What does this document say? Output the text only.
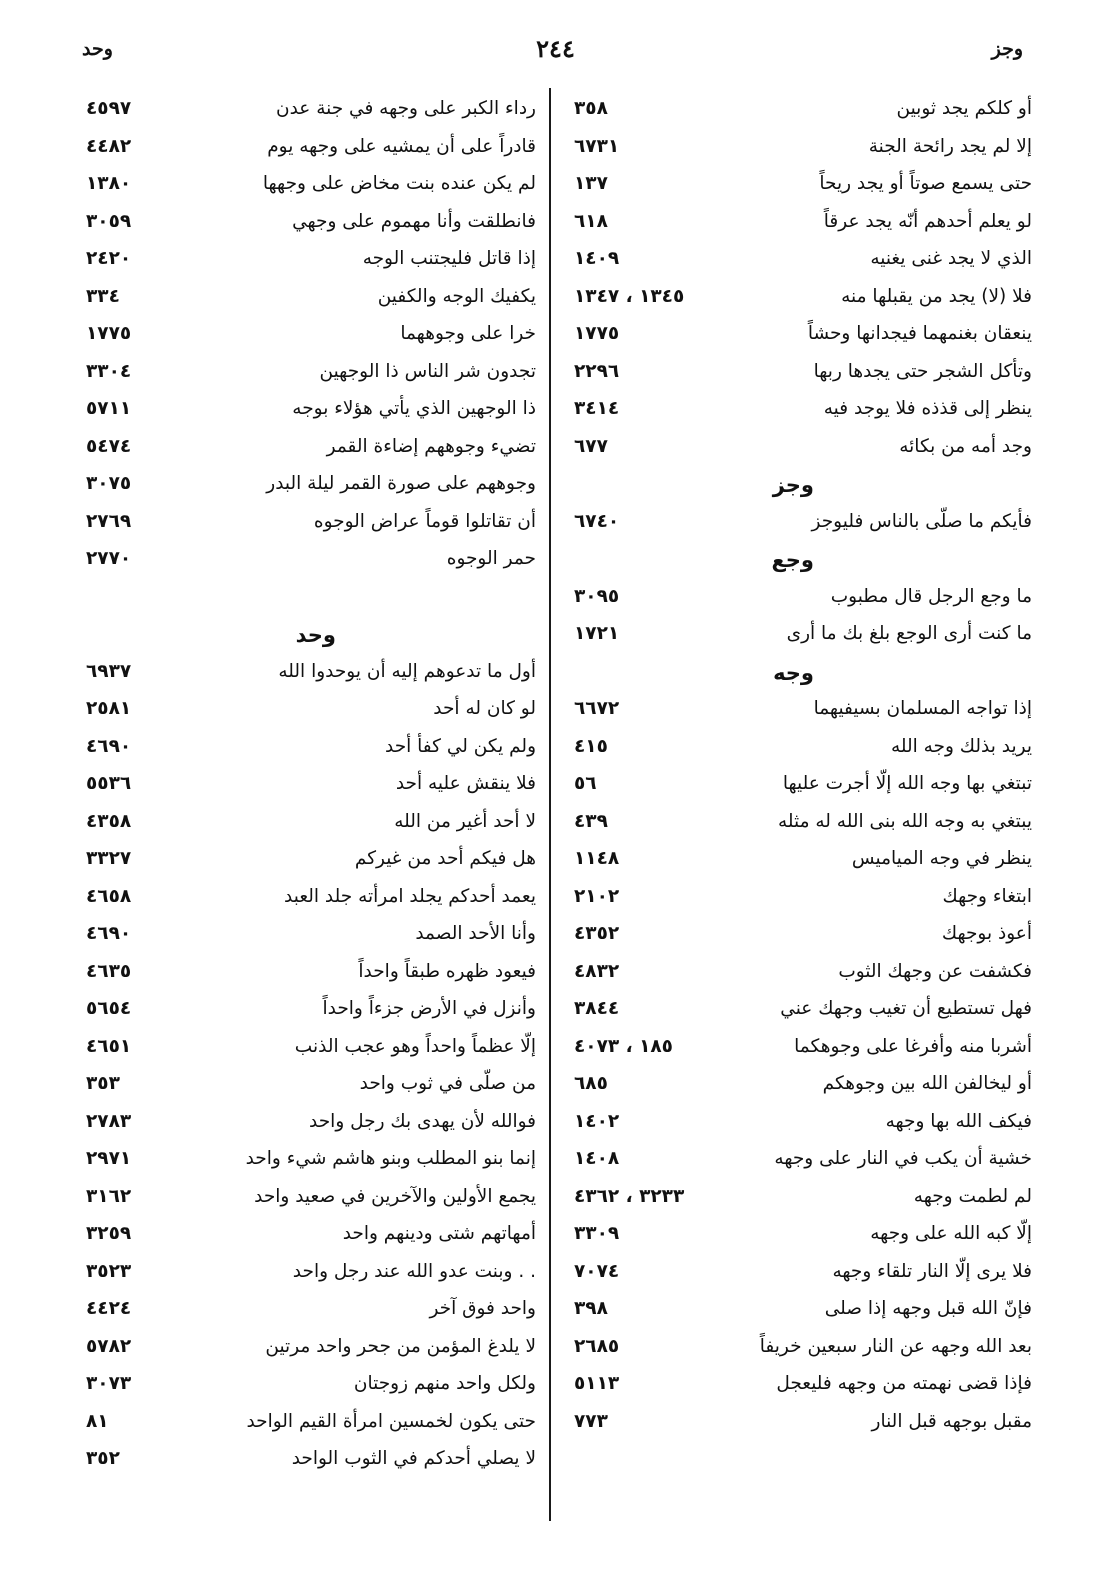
وحد	٢٤٤	وجز
أو كلكم يجد ثوبين
٣٥٨
إلا لم يجد رائحة الجنة
٦٧٣١
حتى يسمع صوتاً أو يجد ريحاً
١٣٧
لو يعلم أحدهم أنّه يجد عرقاً
٦١٨
الذي لا يجد غنى يغنيه
١٤٠٩
فلا (لا) يجد من يقبلها منه
١٣٤٥ ، ١٣٤٧
ينعقان بغنمهما فيجدانها وحشاً
١٧٧٥
وتأكل الشجر حتى يجدها ربها
٢٢٩٦
ينظر إلى قذذه فلا يوجد فيه
٣٤١٤
وجد أمه من بكائه
٦٧٧
وجز
فأيكم ما صلّى بالناس فليوجز
٦٧٤٠
وجع
ما وجع الرجل قال مطبوب
٣٠٩٥
ما كنت أرى الوجع بلغ بك ما أرى
١٧٢١
وجه
إذا تواجه المسلمان بسيفيهما
٦٦٧٢
يريد بذلك وجه الله
٤١٥
تبتغي بها وجه الله إلّا أجرت عليها
٥٦
يبتغي به وجه الله بنى الله له مثله
٤٣٩
ينظر في وجه المياميس
١١٤٨
ابتغاء وجهك
٢١٠٢
أعوذ بوجهك
٤٣٥٢
فكشفت عن وجهك الثوب
٤٨٣٢
فهل تستطيع أن تغيب وجهك عني
٣٨٤٤
أشربا منه وأفرغا على وجوهكما
١٨٥ ، ٤٠٧٣
أو ليخالفن الله بين وجوهكم
٦٨٥
فيكف الله بها وجهه
١٤٠٢
خشية أن يكب في النار على وجهه
١٤٠٨
لم لطمت وجهه
٣٢٣٣ ، ٤٣٦٢
إلّا كبه الله على وجهه
٣٣٠٩
فلا يرى إلّا النار تلقاء وجهه
٧٠٧٤
فإنّ الله قبل وجهه إذا صلى
٣٩٨
بعد الله وجهه عن النار سبعين خريفاً
٢٦٨٥
فإذا قضى نهمته من وجهه فليعجل
٥١١٣
مقبل بوجهه قبل النار
٧٧٣
رداء الكبر على وجهه في جنة عدن
٤٥٩٧
قادراً على أن يمشيه على وجهه يوم
٤٤٨٢
لم يكن عنده بنت مخاض على وجهها
١٣٨٠
فانطلقت وأنا مهموم على وجهي
٣٠٥٩
إذا قاتل فليجتنب الوجه
٢٤٢٠
يكفيك الوجه والكفين
٣٣٤
خرا على وجوههما
١٧٧٥
تجدون شر الناس ذا الوجهين
٣٣٠٤
ذا الوجهين الذي يأتي هؤلاء بوجه
٥٧١١
تضيء وجوههم إضاءة القمر
٥٤٧٤
وجوههم على صورة القمر ليلة البدر
٣٠٧٥
أن تقاتلوا قوماً عراض الوجوه
٢٧٦٩
حمر الوجوه
٢٧٧٠
وحد
أول ما تدعوهم إليه أن يوحدوا الله
٦٩٣٧
لو كان له أحد
٢٥٨١
ولم يكن لي كفأ أحد
٤٦٩٠
فلا ينقش عليه أحد
٥٥٣٦
لا أحد أغير من الله
٤٣٥٨
هل فيكم أحد من غيركم
٣٣٢٧
يعمد أحدكم يجلد امرأته جلد العبد
٤٦٥٨
وأنا الأحد الصمد
٤٦٩٠
فيعود ظهره طبقاً واحداً
٤٦٣٥
وأنزل في الأرض جزءاً واحداً
٥٦٥٤
إلّا عظماً واحداً وهو عجب الذنب
٤٦٥١
من صلّى في ثوب واحد
٣٥٣
فوالله لأن يهدى بك رجل واحد
٢٧٨٣
إنما بنو المطلب وبنو هاشم شيء واحد
٢٩٧١
يجمع الأولين والآخرين في صعيد واحد
٣١٦٢
أمهاتهم شتى ودينهم واحد
٣٢٥٩
. . وبنت عدو الله عند رجل واحد
٣٥٢٣
واحد فوق آخر
٤٤٢٤
لا يلدغ المؤمن من جحر واحد مرتين
٥٧٨٢
ولكل واحد منهم زوجتان
٣٠٧٣
حتى يكون لخمسين امرأة القيم الواحد
٨١
لا يصلي أحدكم في الثوب الواحد
٣٥٢
